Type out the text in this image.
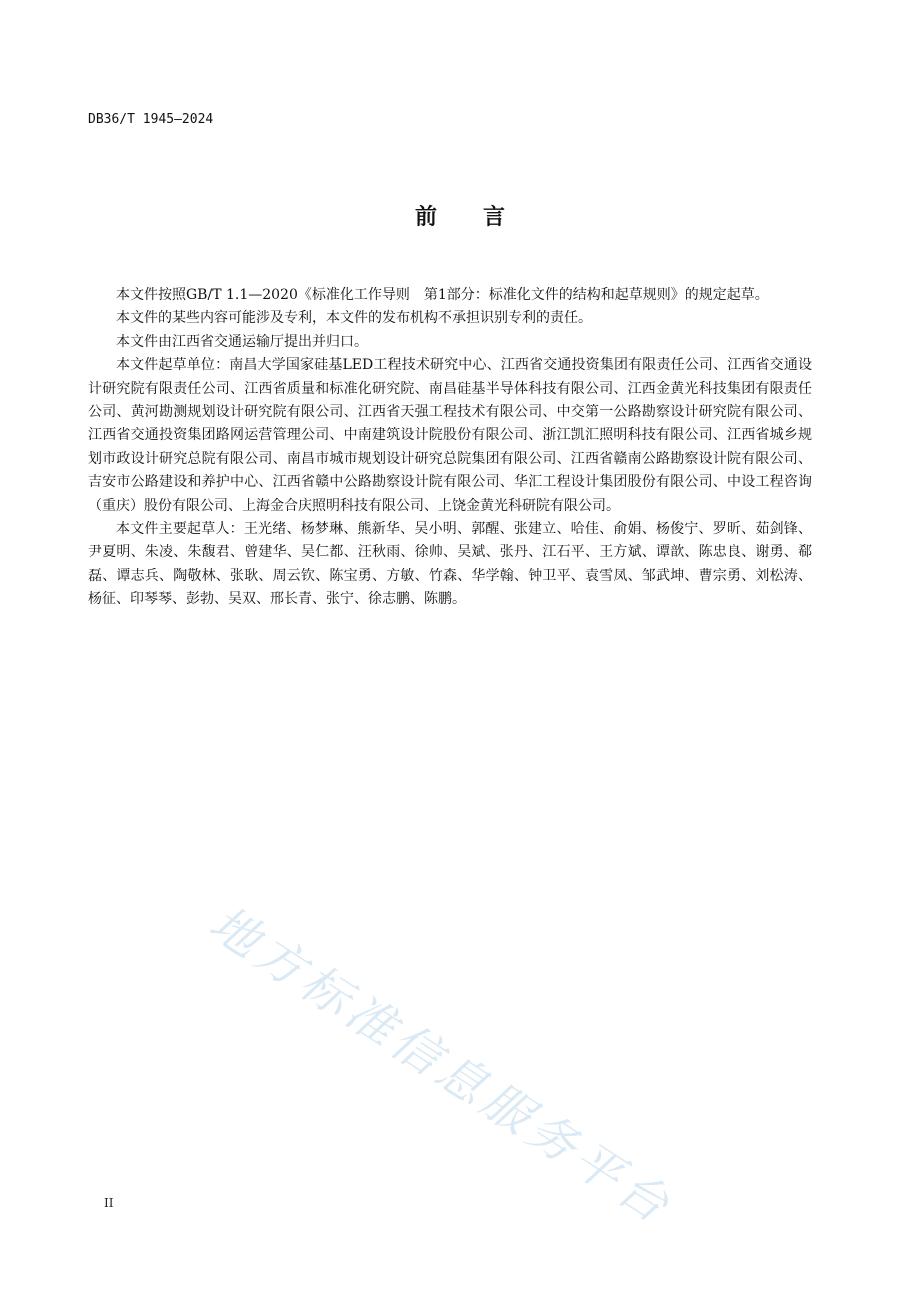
DB36/T 1945—2024
前言

本文件按照GB/T 1.1—2020《标准化工作导则　第1部分：标准化文件的结构和起草规则》的规定起草。

本文件的某些内容可能涉及专利，本文件的发布机构不承担识别专利的责任。

本文件由江西省交通运输厅提出并归口。

本文件起草单位：南昌大学国家硅基LED工程技术研究中心、江西省交通投资集团有限责任公司、江西省交通设计研究院有限责任公司、江西省质量和标准化研究院、南昌硅基半导体科技有限公司、江西金黄光科技集团有限责任公司、黄河勘测规划设计研究院有限公司、江西省天强工程技术有限公司、中交第一公路勘察设计研究院有限公司、江西省交通投资集团路网运营管理公司、中南建筑设计院股份有限公司、浙江凯汇照明科技有限公司、江西省城乡规划市政设计研究总院有限公司、南昌市城市规划设计研究总院集团有限公司、江西省赣南公路勘察设计院有限公司、吉安市公路建设和养护中心、江西省赣中公路勘察设计院有限公司、华汇工程设计集团股份有限公司、中设工程咨询（重庆）股份有限公司、上海金合庆照明科技有限公司、上饶金黄光科研院有限公司。

本文件主要起草人：王光绪、杨梦琳、熊新华、吴小明、郭醒、张建立、哈佳、俞娟、杨俊宁、罗昕、茹剑锋、尹夏明、朱凌、朱馥君、曾建华、吴仁都、汪秋雨、徐帅、吴斌、张丹、江石平、王方斌、谭歆、陈忠良、谢勇、郗磊、谭志兵、陶敬林、张耿、周云钦、陈宝勇、方敏、竹森、华学翰、钟卫平、袁雪凤、邹武坤、曹宗勇、刘松涛、杨征、印琴琴、彭勃、吴双、邢长青、张宁、徐志鹏、陈鹏。

地方标准信息服务平台
II
